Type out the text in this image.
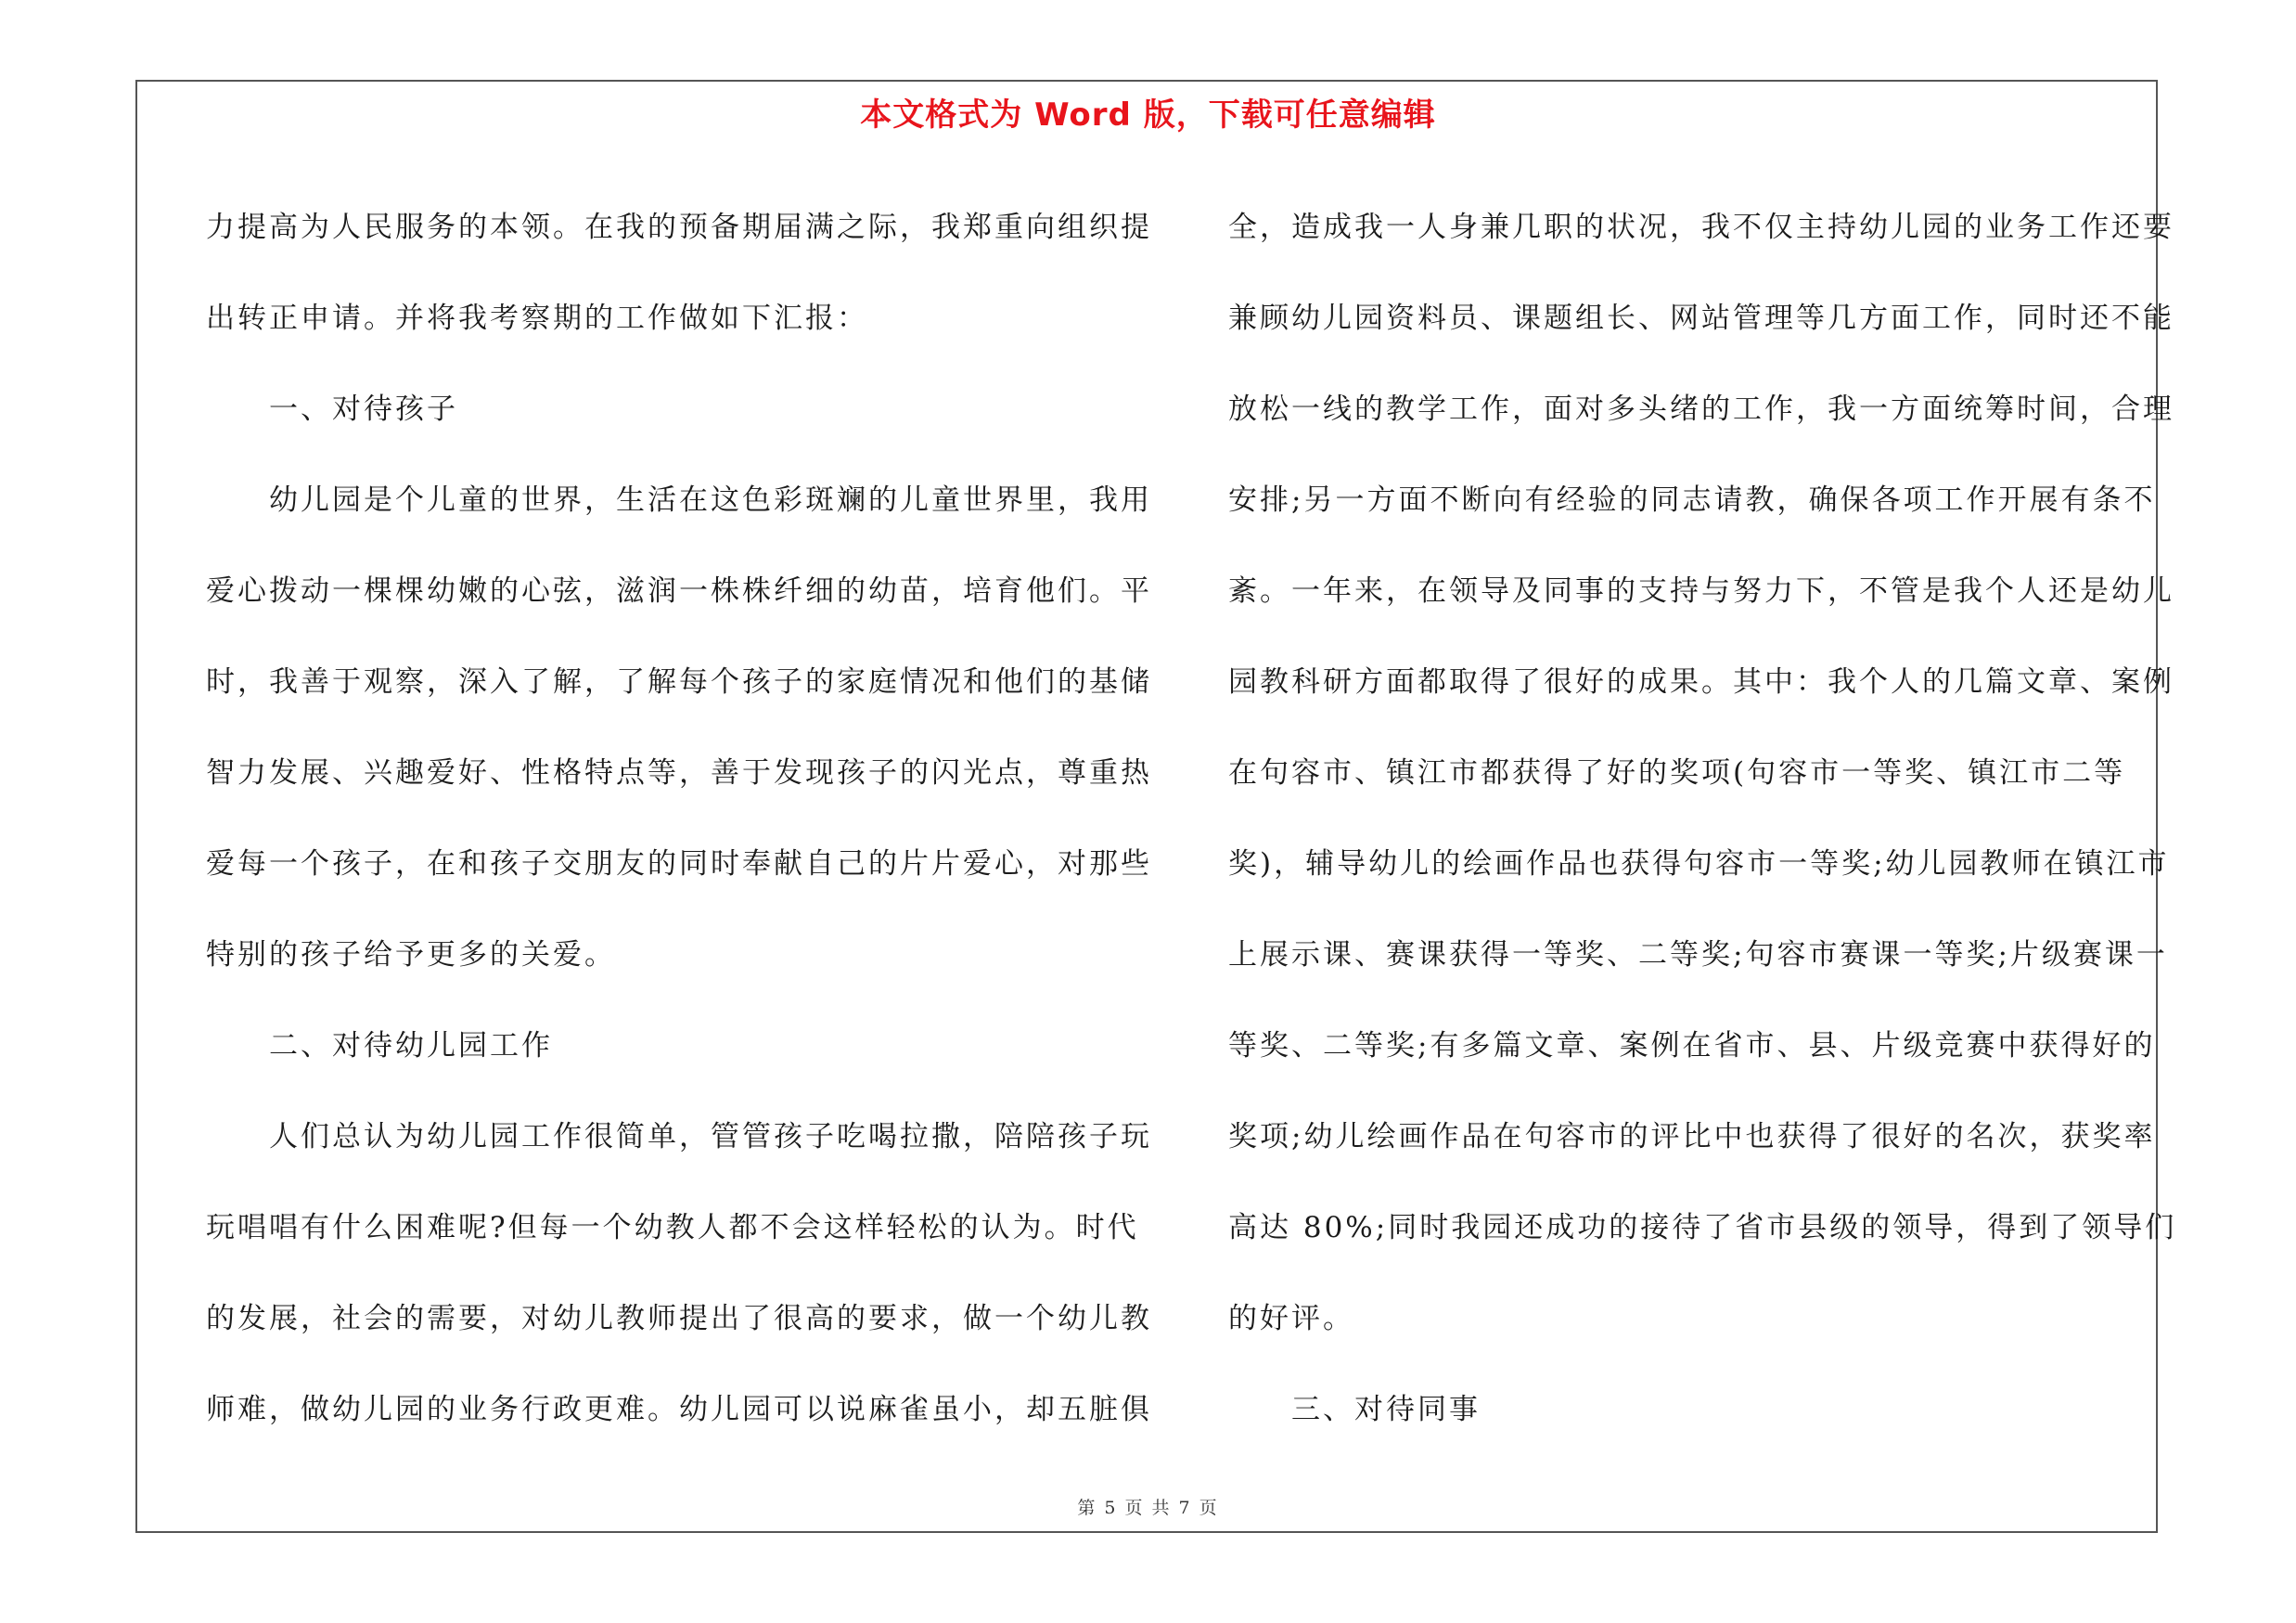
本文格式为 Word 版，下载可任意编辑
力提高为人民服务的本领。在我的预备期届满之际，我郑重向组织提
出转正申请。并将我考察期的工作做如下汇报：
　　一、对待孩子
　　幼儿园是个儿童的世界，生活在这色彩斑斓的儿童世界里，我用
爱心拨动一棵棵幼嫩的心弦，滋润一株株纤细的幼苗，培育他们。平
时，我善于观察，深入了解，了解每个孩子的家庭情况和他们的基储
智力发展、兴趣爱好、性格特点等，善于发现孩子的闪光点，尊重热
爱每一个孩子，在和孩子交朋友的同时奉献自己的片片爱心，对那些
特别的孩子给予更多的关爱。
　　二、对待幼儿园工作
　　人们总认为幼儿园工作很简单，管管孩子吃喝拉撒，陪陪孩子玩
玩唱唱有什么困难呢?但每一个幼教人都不会这样轻松的认为。时代
的发展，社会的需要，对幼儿教师提出了很高的要求，做一个幼儿教
师难，做幼儿园的业务行政更难。幼儿园可以说麻雀虽小，却五脏俱
全，造成我一人身兼几职的状况，我不仅主持幼儿园的业务工作还要
兼顾幼儿园资料员、课题组长、网站管理等几方面工作，同时还不能
放松一线的教学工作，面对多头绪的工作，我一方面统筹时间，合理
安排;另一方面不断向有经验的同志请教，确保各项工作开展有条不
紊。一年来，在领导及同事的支持与努力下，不管是我个人还是幼儿
园教科研方面都取得了很好的成果。其中：我个人的几篇文章、案例
在句容市、镇江市都获得了好的奖项(句容市一等奖、镇江市二等
奖)，辅导幼儿的绘画作品也获得句容市一等奖;幼儿园教师在镇江市
上展示课、赛课获得一等奖、二等奖;句容市赛课一等奖;片级赛课一
等奖、二等奖;有多篇文章、案例在省市、县、片级竞赛中获得好的
奖项;幼儿绘画作品在句容市的评比中也获得了很好的名次，获奖率
高达 80%;同时我园还成功的接待了省市县级的领导，得到了领导们
的好评。
　　三、对待同事
第 5 页 共 7 页
